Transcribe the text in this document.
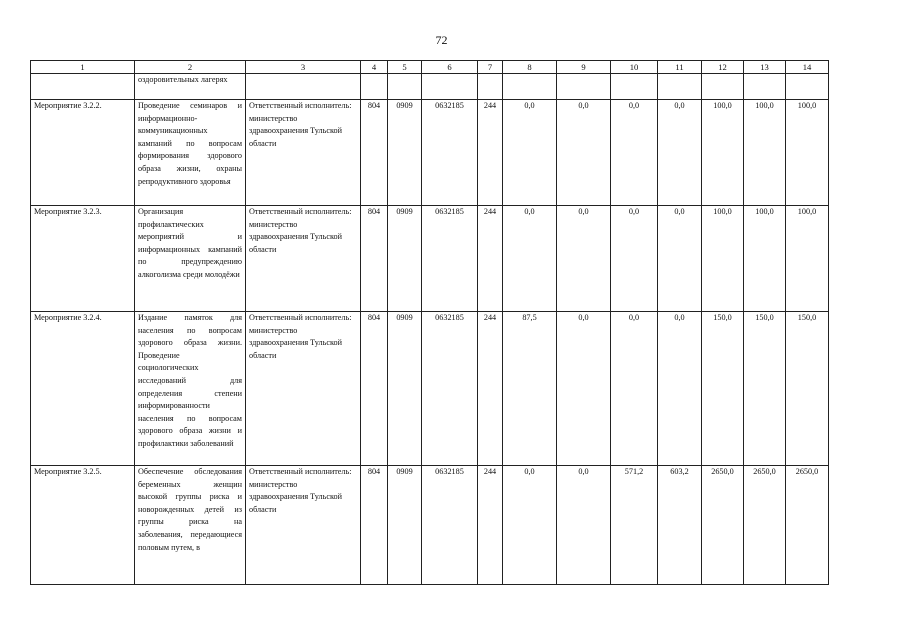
72
1	2	3	4	5	6	7	8	9	10	11	12	13	14
	оздоровительных лагерях												
Мероприятие 3.2.2.	Проведение семинаров и информационно-коммуникационных кампаний по вопросам формирования здорового образа жизни, охраны репродуктивного здоровья	Ответственный исполнитель: министерство здравоохранения Тульской области	804	0909	0632185	244	0,0	0,0	0,0	0,0	100,0	100,0	100,0
Мероприятие 3.2.3.	Организация профилактических мероприятий и информационных кампаний по предупреждению алкоголизма среди молодёжи	Ответственный исполнитель: министерство здравоохранения Тульской области	804	0909	0632185	244	0,0	0,0	0,0	0,0	100,0	100,0	100,0
Мероприятие 3.2.4.	Издание памяток для населения по вопросам здорового образа жизни. Проведение социологических исследований для определения степени информированности населения по вопросам здорового образа жизни и профилактики заболеваний	Ответственный исполнитель: министерство здравоохранения Тульской области	804	0909	0632185	244	87,5	0,0	0,0	0,0	150,0	150,0	150,0
Мероприятие 3.2.5.	Обеспечение обследования беременных женщин высокой группы риска и новорожденных детей из группы риска на заболевания, передающиеся половым путем, в	Ответственный исполнитель: министерство здравоохранения Тульской области	804	0909	0632185	244	0,0	0,0	571,2	603,2	2650,0	2650,0	2650,0
